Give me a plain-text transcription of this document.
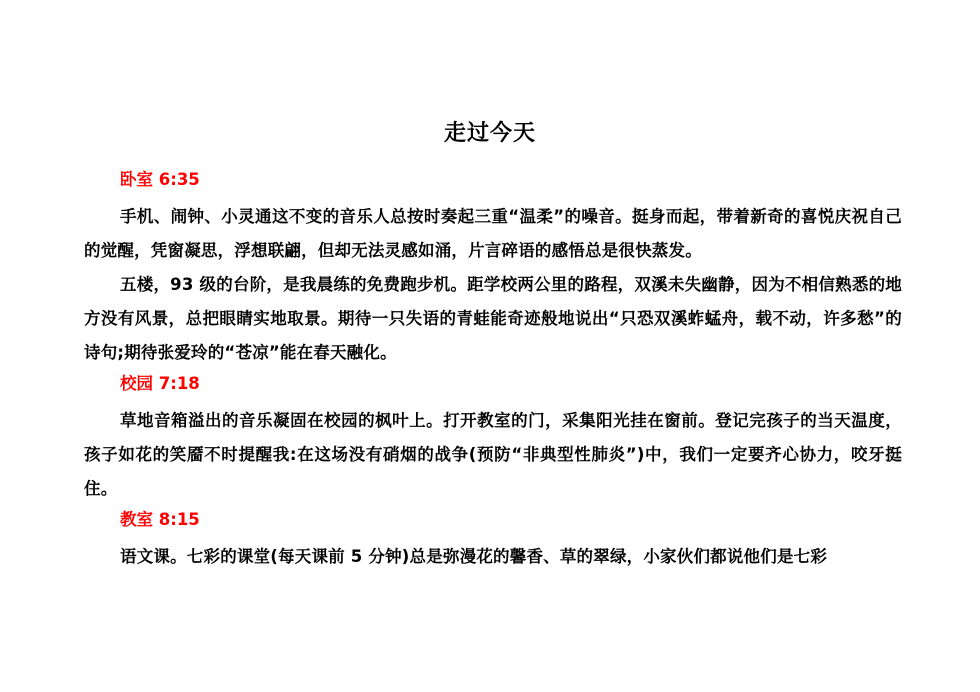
走过今天
卧室 6:35

手机、闹钟、小灵通这不变的音乐人总按时奏起三重“温柔”的噪音。挺身而起，带着新奇的喜悦庆祝自己的觉醒，凭窗凝思，浮想联翩，但却无法灵感如涌，片言碎语的感悟总是很快蒸发。

五楼，93 级的台阶，是我晨练的免费跑步机。距学校两公里的路程，双溪未失幽静，因为不相信熟悉的地方没有风景，总把眼睛实地取景。期待一只失语的青蛙能奇迹般地说出“只恐双溪蚱蜢舟，载不动，许多愁”的诗句;期待张爱玲的“苍凉”能在春天融化。

校园 7:18

草地音箱溢出的音乐凝固在校园的枫叶上。打开教室的门，采集阳光挂在窗前。登记完孩子的当天温度，孩子如花的笑靥不时提醒我:在这场没有硝烟的战争(预防“非典型性肺炎”)中，我们一定要齐心协力，咬牙挺住。

教室 8:15

语文课。七彩的课堂(每天课前 5 分钟)总是弥漫花的馨香、草的翠绿，小家伙们都说他们是七彩
